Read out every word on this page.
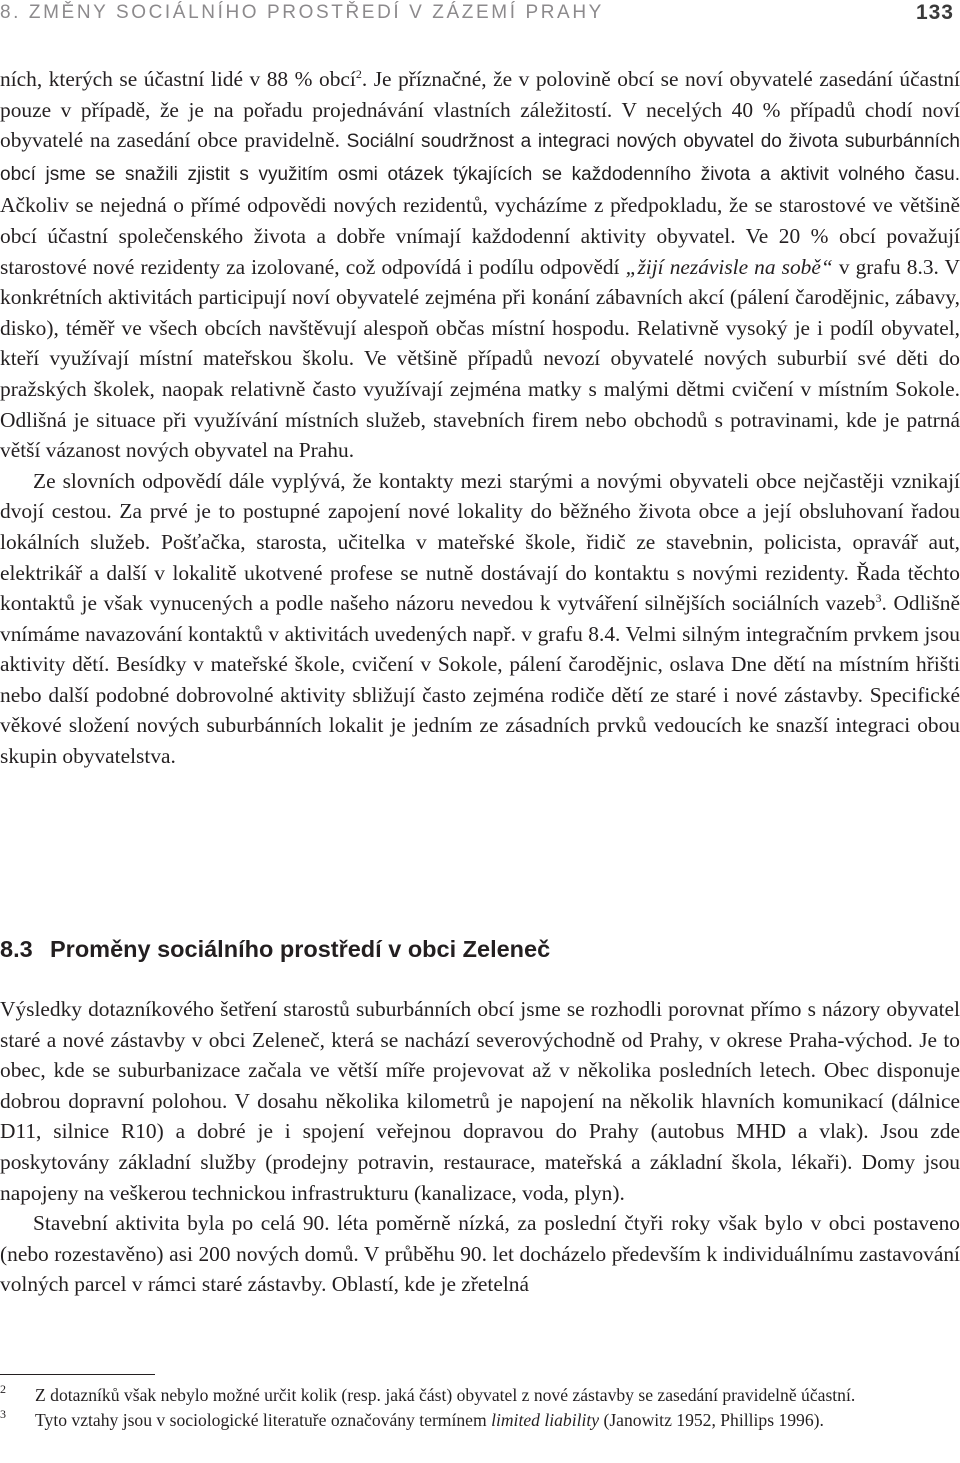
8. ZMĚNY SOCIÁLNÍHO PROSTŘEDÍ V ZÁZEMÍ PRAHY	133

ních, kterých se účastní lidé v 88 % obcí$^2$. Je příznačné, že v polovině obcí se noví obyvatelé zasedání účastní pouze v případě, že je na pořadu projednávání vlastních záležitostí. V necelých 40 % případů chodí noví obyvatelé na zasedání obce pravidelně. Sociální soudržnost a integraci nových obyvatel do života suburbánních obcí jsme se snažili zjistit s využitím osmi otázek týkajících se každodenního života a aktivit volného času. Ačkoliv se nejedná o přímé odpovědi nových rezidentů, vycházíme z předpokladu, že se starostové ve většině obcí účastní společenského života a dobře vnímají každodenní aktivity obyvatel. Ve 20 % obcí považují starostové nové rezidenty za izolované, což odpovídá i podílu odpovědí „žijí nezávisle na sobě“ v grafu 8.3. V konkrétních aktivitách participují noví obyvatelé zejména při konání zábavních akcí (pálení čarodějnic, zábavy, disko), téměř ve všech obcích navštěvují alespoň občas místní hospodu. Relativně vysoký je i podíl obyvatel, kteří využívají místní mateřskou školu. Ve většině případů nevozí obyvatelé nových suburbií své děti do pražských školek, naopak relativně často využívají zejména matky s malými dětmi cvičení v místním Sokole. Odlišná je situace při využívání místních služeb, stavebních firem nebo obchodů s potravinami, kde je patrná větší vázanost nových obyvatel na Prahu.

Ze slovních odpovědí dále vyplývá, že kontakty mezi starými a novými obyvateli obce nejčastěji vznikají dvojí cestou. Za prvé je to postupné zapojení nové lokality do běžného života obce a její obsluhovaní řadou lokálních služeb. Pošťačka, starosta, učitelka v mateřské škole, řidič ze stavebnin, policista, opravář aut, elektrikář a další v lokalitě ukotvené profese se nutně dostávají do kontaktu s novými rezidenty. Řada těchto kontaktů je však vynucených a podle našeho názoru nevedou k vytváření silnějších sociálních vazeb$^3$. Odlišně vnímáme navazování kontaktů v aktivitách uvedených např. v grafu 8.4. Velmi silným integračním prvkem jsou aktivity dětí. Besídky v mateřské škole, cvičení v Sokole, pálení čarodějnic, oslava Dne dětí na místním hřišti nebo další podobné dobrovolné aktivity sbližují často zejména rodiče dětí ze staré i nové zástavby. Specifické věkové složení nových suburbánních lokalit je jedním ze zásadních prvků vedoucích ke snazší integraci obou skupin obyvatelstva.

8.3 Proměny sociálního prostředí v obci Zeleneč

Výsledky dotazníkového šetření starostů suburbánních obcí jsme se rozhodli porovnat přímo s názory obyvatel staré a nové zástavby v obci Zeleneč, která se nachází severovýchodně od Prahy, v okrese Praha-východ. Je to obec, kde se suburbanizace začala ve větší míře projevovat až v několika posledních letech. Obec disponuje dobrou dopravní polohou. V dosahu několika kilometrů je napojení na několik hlavních komunikací (dálnice D11, silnice R10) a dobré je i spojení veřejnou dopravou do Prahy (autobus MHD a vlak). Jsou zde poskytovány základní služby (prodejny potravin, restaurace, mateřská a základní škola, lékaři). Domy jsou napojeny na veškerou technickou infrastrukturu (kanalizace, voda, plyn).

Stavební aktivita byla po celá 90. léta poměrně nízká, za poslední čtyři roky však bylo v obci postaveno (nebo rozestavěno) asi 200 nových domů. V průběhu 90. let docházelo především k individuálnímu zastavování volných parcel v rámci staré zástavby. Oblastí, kde je zřetelná

2 Z dotazníků však nebylo možné určit kolik (resp. jaká část) obyvatel z nové zástavby se zasedání pravidelně účastní.

3 Tyto vztahy jsou v sociologické literatuře označovány termínem limited liability (Janowitz 1952, Phillips 1996).
